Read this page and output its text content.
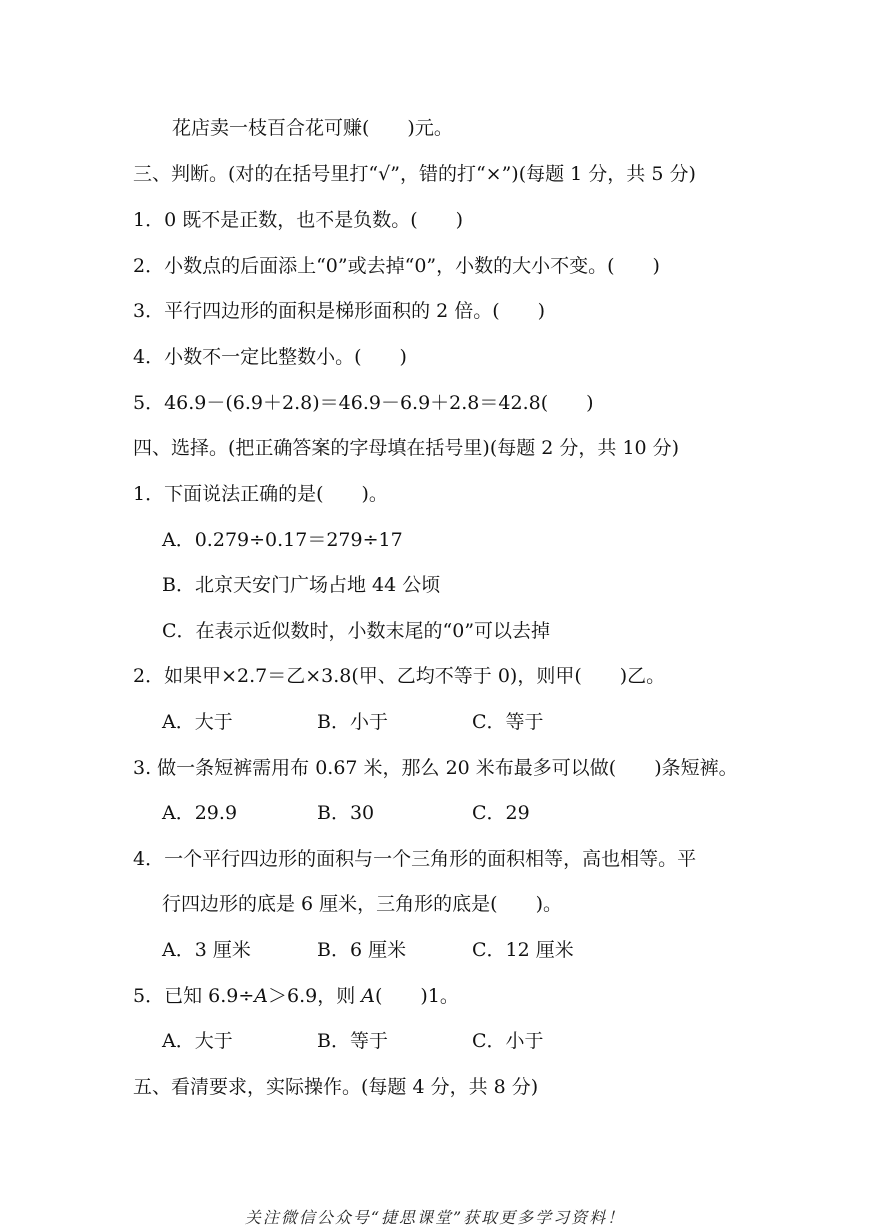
花店卖一枝百合花可赚(　　)元。
三、判断。(对的在括号里打“√”，错的打“×”)(每题 1 分，共 5 分)
1．0 既不是正数，也不是负数。(　　)
2．小数点的后面添上“0”或去掉“0”，小数的大小不变。(　　)
3．平行四边形的面积是梯形面积的 2 倍。(　　)
4．小数不一定比整数小。(　　)
5．46.9－(6.9＋2.8)＝46.9－6.9＋2.8＝42.8(　　)
四、选择。(把正确答案的字母填在括号里)(每题 2 分，共 10 分)
1．下面说法正确的是(　　)。
A．0.279÷0.17＝279÷17
B．北京天安门广场占地 44 公顷
C．在表示近似数时，小数末尾的“0”可以去掉
2．如果甲×2.7＝乙×3.8(甲、乙均不等于 0)，则甲(　　)乙。
A．大于	B．小于	C．等于
3. 做一条短裤需用布 0.67 米，那么 20 米布最多可以做(　　)条短裤。
A．29.9	B．30	C．29
4．一个平行四边形的面积与一个三角形的面积相等，高也相等。平
行四边形的底是 6 厘米，三角形的底是(　　)。
A．3 厘米	B．6 厘米	C．12 厘米
5．已知 6.9÷A＞6.9，则 A(　　)1。
A．大于	B．等于	C．小于
五、看清要求，实际操作。(每题 4 分，共 8 分)
关注微信公众号“捷思课堂”获取更多学习资料！
